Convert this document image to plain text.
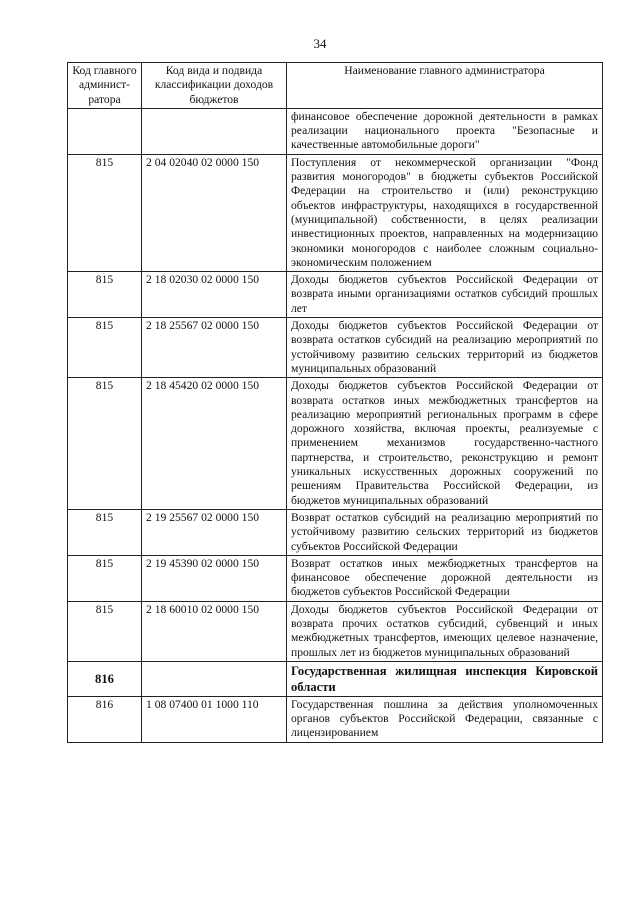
34
Код главного админист-ратора	Код вида и подвида классификации доходов бюджетов	Наименование главного администратора
		финансовое обеспечение дорожной деятельности в рамках реализации национального проекта "Безопасные и качественные автомобильные дороги"
815	2 04 02040 02 0000 150	Поступления от некоммерческой организации "Фонд развития моногородов" в бюджеты субъектов Российской Федерации на строительство и (или) реконструкцию объектов инфраструктуры, находящихся в государственной (муниципальной) собственности, в целях реализации инвестиционных проектов, направленных на модернизацию экономики моногородов с наиболее сложным социально-экономическим положением
815	2 18 02030 02 0000 150	Доходы бюджетов субъектов Российской Федерации от возврата иными организациями остатков субсидий прошлых лет
815	2 18 25567 02 0000 150	Доходы бюджетов субъектов Российской Федерации от возврата остатков субсидий на реализацию мероприятий по устойчивому развитию сельских территорий из бюджетов муниципальных образований
815	2 18 45420 02 0000 150	Доходы бюджетов субъектов Российской Федерации от возврата остатков иных межбюджетных трансфертов на реализацию мероприятий региональных программ в сфере дорожного хозяйства, включая проекты, реализуемые с применением механизмов государственно-частного партнерства, и строительство, реконструкцию и ремонт уникальных искусственных дорожных сооружений по решениям Правительства Российской Федерации, из бюджетов муниципальных образований
815	2 19 25567 02 0000 150	Возврат остатков субсидий на реализацию мероприятий по устойчивому развитию сельских территорий из бюджетов субъектов Российской Федерации
815	2 19 45390 02 0000 150	Возврат остатков иных межбюджетных трансфертов на финансовое обеспечение дорожной деятельности из бюджетов субъектов Российской Федерации
815	2 18 60010 02 0000 150	Доходы бюджетов субъектов Российской Федерации от возврата прочих остатков субсидий, субвенций и иных межбюджетных трансфертов, имеющих целевое назначение, прошлых лет из бюджетов муниципальных образований
816		Государственная жилищная инспекция Кировской области
816	1 08 07400 01 1000 110	Государственная пошлина за действия уполномоченных органов субъектов Российской Федерации, связанные с лицензированием
